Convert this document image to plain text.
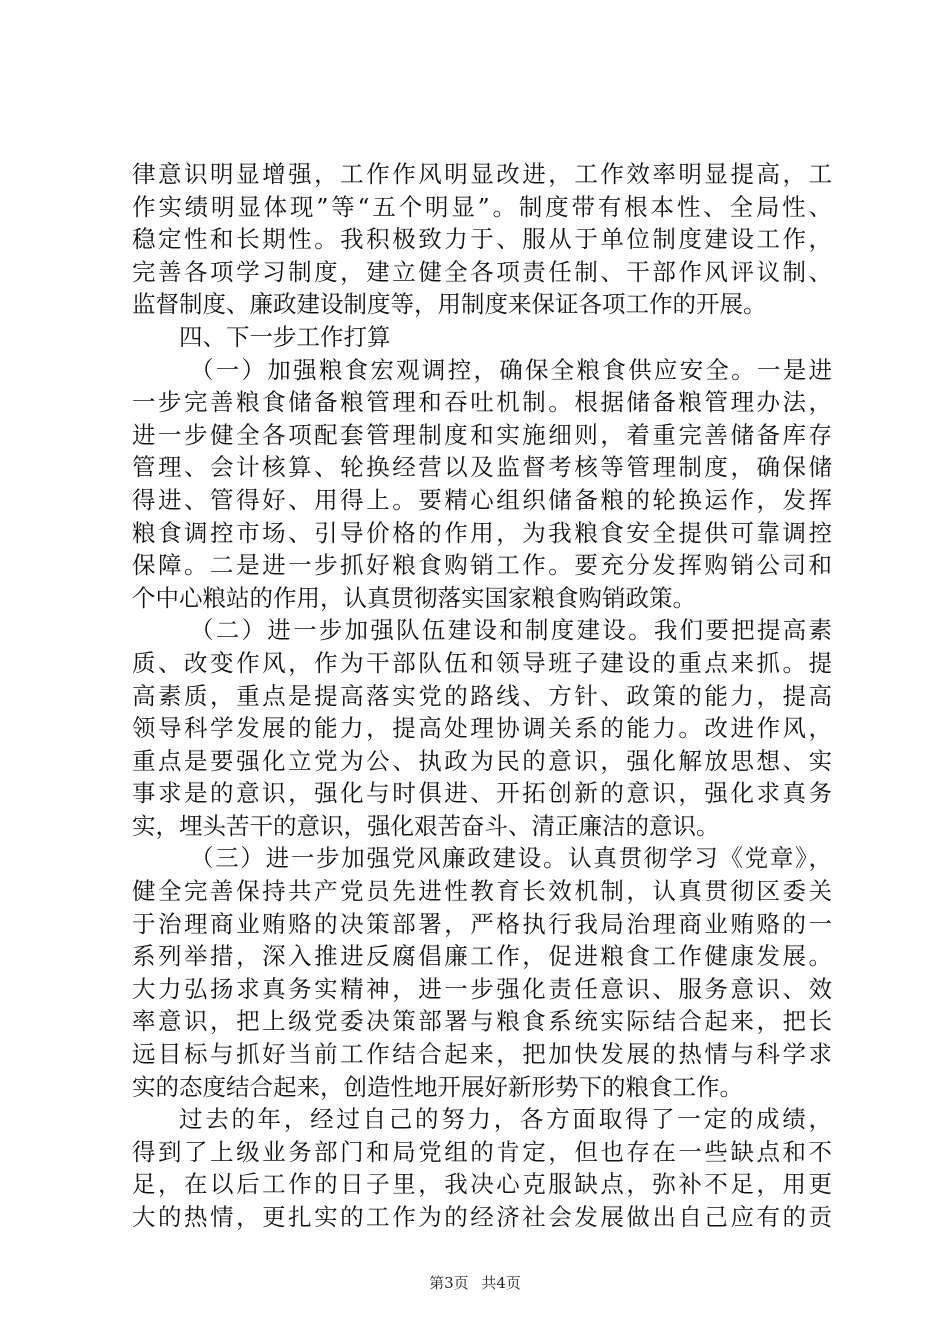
律意识明显增强，工作作风明显改进，工作效率明显提高，工
作实绩明显体现”等“五个明显”。制度带有根本性、全局性、
稳定性和长期性。我积极致力于、服从于单位制度建设工作，
完善各项学习制度，建立健全各项责任制、干部作风评议制、
监督制度、廉政建设制度等，用制度来保证各项工作的开展。
四、下一步工作打算
（一）加强粮食宏观调控，确保全粮食供应安全。一是进
一步完善粮食储备粮管理和吞吐机制。根据储备粮管理办法，
进一步健全各项配套管理制度和实施细则，着重完善储备库存
管理、会计核算、轮换经营以及监督考核等管理制度，确保储
得进、管得好、用得上。要精心组织储备粮的轮换运作，发挥
粮食调控市场、引导价格的作用，为我粮食安全提供可靠调控
保障。二是进一步抓好粮食购销工作。要充分发挥购销公司和
个中心粮站的作用，认真贯彻落实国家粮食购销政策。
（二）进一步加强队伍建设和制度建设。我们要把提高素
质、改变作风，作为干部队伍和领导班子建设的重点来抓。提
高素质，重点是提高落实党的路线、方针、政策的能力，提高
领导科学发展的能力，提高处理协调关系的能力。改进作风，
重点是要强化立党为公、执政为民的意识，强化解放思想、实
事求是的意识，强化与时俱进、开拓创新的意识，强化求真务
实，埋头苦干的意识，强化艰苦奋斗、清正廉洁的意识。
（三）进一步加强党风廉政建设。认真贯彻学习《党章》，
健全完善保持共产党员先进性教育长效机制，认真贯彻区委关
于治理商业贿赂的决策部署，严格执行我局治理商业贿赂的一
系列举措，深入推进反腐倡廉工作，促进粮食工作健康发展。
大力弘扬求真务实精神，进一步强化责任意识、服务意识、效
率意识，把上级党委决策部署与粮食系统实际结合起来，把长
远目标与抓好当前工作结合起来，把加快发展的热情与科学求
实的态度结合起来，创造性地开展好新形势下的粮食工作。
过去的年，经过自己的努力，各方面取得了一定的成绩，
得到了上级业务部门和局党组的肯定，但也存在一些缺点和不
足，在以后工作的日子里，我决心克服缺点，弥补不足，用更
大的热情，更扎实的工作为的经济社会发展做出自己应有的贡
第3页 共4页
